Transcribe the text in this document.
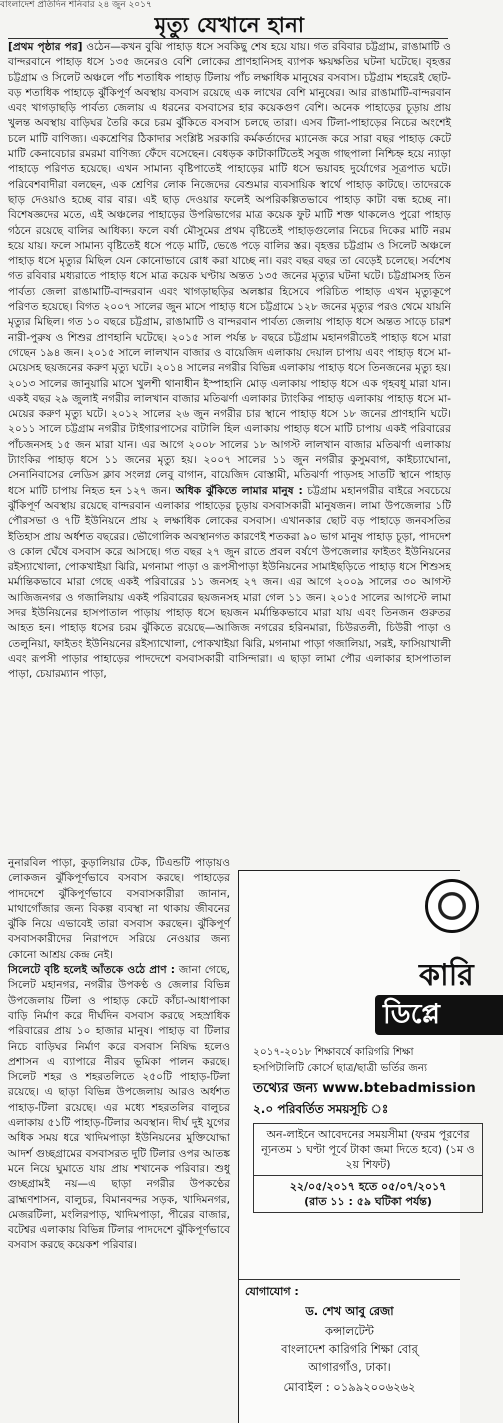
বাংলাদেশ প্রতিদিন শনিবার ২৪ জুন ২০১৭
মৃত্যু যেখানে হানা
[প্রথম পৃষ্ঠার পর] ওঠেন—কখন বুঝি পাহাড় ধসে সবকিছু শেষ হয়ে যায়। গত রবিবার চট্টগ্রাম, রাঙামাটি ও বান্দরবানে পাহাড় ধসে ১৩৫ জনেরও বেশি লোকের প্রাণহানিসহ ব্যাপক ক্ষয়ক্ষতির ঘটনা ঘটেছে। বৃহত্তর চট্টগ্রাম ও সিলেট অঞ্চলে পাঁচ শতাধিক পাহাড় টিলায় পাঁচ লক্ষাধিক মানুষের বসবাস। চট্টগ্রাম শহরেই ছোট-বড় শতাধিক পাহাড়ে ঝুঁকিপূর্ণ অবস্থায় বসবাস রয়েছে এক লাখের বেশি মানুষের। আর রাঙামাটি-বান্দরবান এবং খাগড়াছড়ি পার্বত্য জেলায় এ ধরনের বসবাসের হার কয়েকগুণ বেশি। অনেক পাহাড়ের চূড়ায় প্রায় খুলন্ত অবস্থায় বাড়িঘর তৈরি করে চরম ঝুঁকিতে বসবাস চলছে তারা। এসব টিলা-পাহাড়ের নিচের অংশেই চলে মাটি বাণিজ্য। একশ্রেণির ঠিকাদার সংশ্লিষ্ট সরকারি কর্মকর্তাদের ম্যানেজ করে সারা বছর পাহাড় কেটে মাটি কেনাবেচার রমরমা বাণিজ্য ফেঁদে বসেছেন। বেধড়ক কাটাকাটিতেই সবুজ গাছপালা নিশ্চিহ্ন হয়ে ন্যাড়া পাহাড়ে পরিণত হয়েছে। এখন সামান্য বৃষ্টিপাতেই পাহাড়ের মাটি ধসে ভয়াবহ দুর্যোগের সূত্রপাত ঘটে। পরিবেশবাদীরা বলছেন, এক শ্রেণির লোক নিজেদের বেশুমার ব্যবসায়িক স্বার্থে পাহাড় কাটছে। তাদেরকে ছাড় দেওয়াও হচ্ছে বার বার। এই ছাড় দেওয়ার ফলেই অপরিকল্পিতভাবে পাহাড় কাটা বন্ধ হচ্ছে না। বিশেষজ্ঞদের মতে, এই অঞ্চলের পাহাড়ের উপরিভাগের মাত্র কয়েক ফুট মাটি শক্ত থাকলেও পুরো পাহাড় গঠনে রয়েছে বালির আধিক্য। ফলে বর্ষা মৌসুমের প্রথম বৃষ্টিতেই পাহাড়গুলোর নিচের দিকের মাটি নরম হয়ে যায়। ফলে সামান্য বৃষ্টিতেই ধসে পড়ে মাটি, ভেঙে পড়ে বালির স্তর। বৃহত্তর চট্টগ্রাম ও সিলেট অঞ্চলে পাহাড় ধসে মৃত্যুর মিছিল যেন কোনোভাবে রোধ করা যাচ্ছে না। বরং বছর বছর তা বেড়েই চলেছে। সর্বশেষ গত রবিবার মধ্যরাতে পাহাড় ধসে মাত্র কয়েক ঘণ্টায় অন্তত ১৩৫ জনের মৃত্যুর ঘটনা ঘটে। চট্টগ্রামসহ তিন পার্বত্য জেলা রাঙামাটি-বান্দরবান এবং খাগড়াছড়ির অলঙ্কার হিসেবে পরিচিত পাহাড় এখন মৃত্যুকূপে পরিণত হয়েছে। বিগত ২০০৭ সালের জুন মাসে পাহাড় ধসে চট্টগ্রামে ১২৮ জনের মৃত্যুর পরও থেমে যায়নি মৃত্যুর মিছিল। গত ১০ বছরে চট্টগ্রাম, রাঙামাটি ও বান্দরবান পার্বত্য জেলায় পাহাড় ধসে অন্তত সাড়ে চারশ নারী-পুরুষ ও শিশুর প্রাণহানি ঘটেছে। ২০১৫ সাল পর্যন্ত ৮ বছরে চট্টগ্রাম মহানগরীতেই পাহাড় ধসে মারা গেছেন ১৯৪ জন। ২০১৫ সালে লালখান বাজার ও বায়েজিদ এলাকায় দেয়াল চাপায় এবং পাহাড় ধসে মা-মেয়েসহ ছয়জনের করুণ মৃত্যু ঘটে। ২০১৪ সালের নগরীর বিভিন্ন এলাকায় পাহাড় ধসে তিনজনের মৃত্যু হয়। ২০১৩ সালের জানুয়ারি মাসে খুলশী থানাধীন ইস্পাহানি মোড় এলাকায় পাহাড় ধসে এক গৃহবধূ মারা যান। একই বছর ২৯ জুলাই নগরীর লালখান বাজার মতিঝর্ণা এলাকার ট্যাংকির পাহাড় এলাকায় পাহাড় ধসে মা-মেয়ের করুণ মৃত্যু ঘটে। ২০১২ সালের ২৬ জুন নগরীর চার স্থানে পাহাড় ধসে ১৮ জনের প্রাণহানি ঘটে। ২০১১ সালে চট্টগ্রাম নগরীর টাইগারপাসের বাটালি হিল এলাকায় পাহাড় ধসে মাটি চাপায় একই পরিবারের পাঁচজনসহ ১৫ জন মারা যান। এর আগে ২০০৮ সালের ১৮ আগস্ট লালখান বাজার মতিঝর্ণা এলাকায় ট্যাংকির পাহাড় ধসে ১১ জনের মৃত্যু হয়। ২০০৭ সালের ১১ জুন নগরীর কুসুমবাগ, কাইচ্যাঘোনা, সেনানিবাসের লেডিস ক্লাব সংলগ্ন লেবু বাগান, বায়েজিদ বোস্তামী, মতিঝর্ণা পাড়সহ সাতটি স্থানে পাহাড় ধসে মাটি চাপায় নিহত হন ১২৭ জন। অধিক ঝুঁকিতে লামার মানুষ : চট্টগ্রাম মহানগরীর বাইরে সবচেয়ে ঝুঁকিপূর্ণ অবস্থায় রয়েছে বান্দরবান এলাকার পাহাড়ের চূড়ায় বসবাসকারী মানুষজন। লামা উপজেলার ১টি পৌরসভা ও ৭টি ইউনিয়নে প্রায় ২ লক্ষাধিক লোকের বসবাস। এখানকার ছোট বড় পাহাড়ে জনবসতির ইতিহাস প্রায় অর্ধশত বছরের। ভৌগোলিক অবস্থানগত কারণেই শতকরা ৯০ ভাগ মানুষ পাহাড় চূড়া, পাদদেশ ও কোল ঘেঁষে বসবাস করে আসছে। গত বছর ২৭ জুন রাতে প্রবল বর্ষণে উপজেলার ফাইতং ইউনিয়নের রইস্যাখোলা, পোকখাইয়া ঝিরি, মগনামা পাড়া ও রূপসীপাড়া ইউনিয়নের সামাইছড়িতে পাহাড় ধসে শিশুসহ মর্মান্তিকভাবে মারা গেছে একই পরিবারের ১১ জনসহ ২৭ জন। এর আগে ২০০৯ সালের ৩০ আগস্ট আজিজনগর ও গজালিয়ায় একই পরিবারের ছয়জনসহ মারা গেল ১১ জন। ২০১৫ সালের আগস্টে লামা সদর ইউনিয়নের হাসপাতাল পাড়ায় পাহাড় ধসে ছয়জন মর্মান্তিকভাবে মারা যায় এবং তিনজন গুরুতর আহত হন। পাহাড় ধসের চরম ঝুঁকিতে রয়েছে—আজিজ নগরের হরিনমারা, চিউরতলী, চিউরী পাড়া ও তেলুনিয়া, ফাইতং ইউনিয়নের রইস্যাখোলা, পোকখাইয়া ঝিরি, মগনামা পাড়া গজালিয়া, সরই, ফাসিয়াখালী এবং রূপসী পাড়ার পাহাড়ের পাদদেশে বসবাসকারী বাসিন্দারা। এ ছাড়া লামা পৌর এলাকার হাসপাতাল পাড়া, চেয়ারম্যান পাড়া,
নুনারবিল পাড়া, কুড়ালিয়ার টেক, টিএন্ডটি পাড়ায়ও লোকজন ঝুঁকিপূর্ণভাবে বসবাস করছে। পাহাড়ের পাদদেশে ঝুঁকিপূর্ণভাবে বসবাসকারীরা জানান, মাথাগোঁজার জন্য বিকল্প ব্যবস্থা না থাকায় জীবনের ঝুঁকি নিয়ে এভাবেই তারা বসবাস করছেন। ঝুঁকিপূর্ণ বসবাসকারীদের নিরাপদে সরিয়ে নেওয়ার জন্য কোনো আশ্রয় কেন্দ্র নেই।
সিলেটে বৃষ্টি হলেই আঁতকে ওঠে প্রাণ : জানা গেছে, সিলেট মহানগর, নগরীর উপকণ্ঠ ও জেলার বিভিন্ন উপজেলায় টিলা ও পাহাড় কেটে কাঁচা-আধাপাকা বাড়ি নির্মাণ করে দীর্ঘদিন বসবাস করছে সহস্রাধিক পরিবারের প্রায় ১০ হাজার মানুষ। পাহাড় বা টিলার নিচে বাড়িঘর নির্মাণ করে বসবাস নিষিদ্ধ হলেও প্রশাসন এ ব্যাপারে নীরব ভূমিকা পালন করছে। সিলেট শহর ও শহরতলিতে ২৫০টি পাহাড়-টিলা রয়েছে। এ ছাড়া বিভিন্ন উপজেলায় আরও অর্ধশত পাহাড়-টিলা রয়েছে। এর মধ্যে শহরতলির বালুচর এলাকায় ৫১টি পাহাড়-টিলার অবস্থান। দীর্ঘ দুই যুগের অধিক সময় ধরে খাদিমপাড়া ইউনিয়নের মুক্তিযোদ্ধা আদর্শ গুচ্ছগ্রামের বসবাসরত দুটি টিলার ওপর আতঙ্ক মনে নিয়ে ঘুমাতে যায় প্রায় শখানেক পরিবার। শুধু গুচ্ছগ্রামই নয়—এ ছাড়া নগরীর উপকণ্ঠের ব্রাহ্মণশাসন, বালুচর, বিমানবন্দর সড়ক, খাদিমনগর, মেজরটিলা, মংলিরপাড়, খাদিমপাড়া, পীরের বাজার, বটেশ্বর এলাকায় বিভিন্ন টিলার পাদদেশে ঝুঁকিপূর্ণভাবে বসবাস করছে কয়েকশ পরিবার।
কারি
ডিপ্লে
২০১৭-২০১৮ শিক্ষাবর্ষে কারিগরি শিক্ষা
হসপিটালিটি কোর্সে ছাত্র/ছাত্রী ভর্তির জন্য
তথ্যের জন্য www.btebadmission
২.০ পরিবর্তিত সময়সূচি ঃ
অন-লাইনে আবেদনের সময়সীমা (ফরম পূরণের ন্যূনতম ১ ঘণ্টা পূর্বে টাকা জমা দিতে হবে) (১ম ও ২য় শিফট)
২২/০৫/২০১৭ হতে ০৫/০৭/২০১৭
(রাত ১১ : ৫৯ ঘটিকা পর্যন্ত)
যোগাযোগ :
ড. শেখ আবু রেজা
কন্সালটেন্ট
বাংলাদেশ কারিগরি শিক্ষা বোর্
আগারগাঁও, ঢাকা।
মোবাইল : ০১৯৯২০০৬২৬২
